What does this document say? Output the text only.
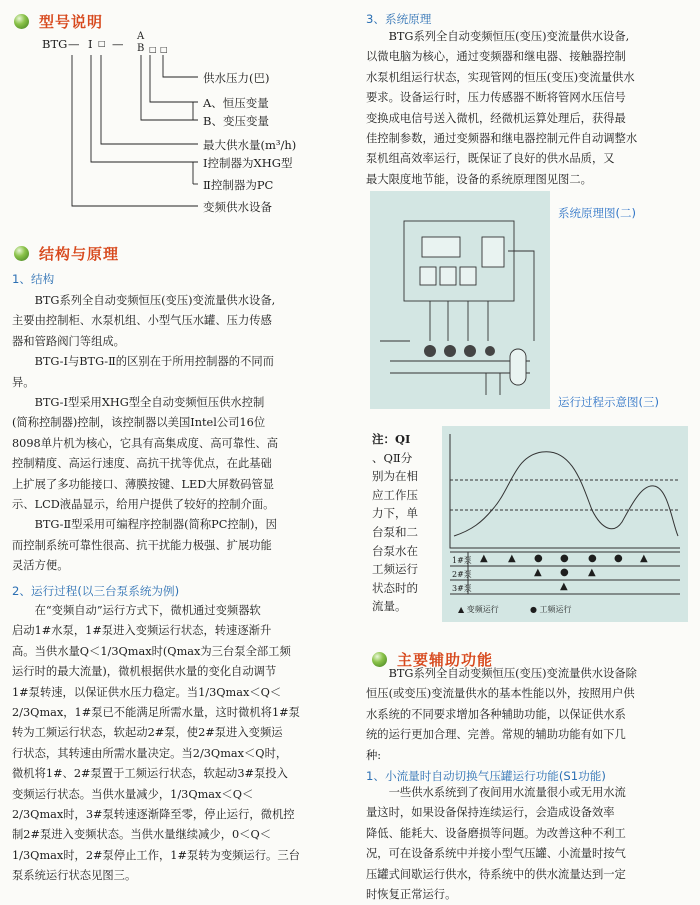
型号说明
BTG — Ⅰ □ —
A
B □ □
供水压力(巴)
A、恒压变量
B、变压变量
最大供水量(m³/h)
Ⅰ控制器为XHG型
Ⅱ控制器为PC
变频供水设备
结构与原理
1、结构
BTG系列全自动变频恒压(变压)变流量供水设备,
主要由控制柜、水泵机组、小型气压水罐、压力传感
器和管路阀门等组成。
BTG-Ⅰ与BTG-Ⅱ的区别在于所用控制器的不同而
异。
BTG-Ⅰ型采用XHG型全自动变频恒压供水控制
(简称控制器)控制，该控制器以美国Intel公司16位
8098单片机为核心，它具有高集成度、高可靠性、高
控制精度、高运行速度、高抗干扰等优点，在此基础
上扩展了多功能接口、薄膜按键、LED大屏数码管显
示、LCD液晶显示，给用户提供了较好的控制介面。
BTG-Ⅱ型采用可编程序控制器(简称PC控制)，因
而控制系统可靠性很高、抗干扰能力极强、扩展功能
灵活方便。
2、运行过程(以三台泵系统为例)
在“变频自动”运行方式下，微机通过变频器软
启动1#水泵，1#泵进入变频运行状态，转速逐渐升
高。当供水量Q＜1/3Qmax时(Qmax为三台泵全部工频
运行时的最大流量)，微机根据供水量的变化自动调节
1#泵转速，以保证供水压力稳定。当1/3Qmax＜Q＜
2/3Qmax，1#泵已不能满足所需水量，这时微机将1#泵
转为工频运行状态，软起动2#泵，使2#泵进入变频运
行状态，其转速由所需水量决定。当2/3Qmax＜Q时，
微机将1#、2#泵置于工频运行状态，软起动3#泵投入
变频运行状态。当供水量减少，1/3Qmax＜Q＜
2/3Qmax时，3#泵转速逐渐降至零，停止运行，微机控
制2#泵进入变频状态。当供水量继续减少，0＜Q＜
1/3Qmax时，2#泵停止工作，1#泵转为变频运行。三台
泵系统运行状态见图三。
3、系统原理
BTG系列全自动变频恒压(变压)变流量供水设备,
以微电脑为核心，通过变频器和继电器、接触器控制
水泵机组运行状态，实现管网的恒压(变压)变流量供水
要求。设备运行时，压力传感器不断将管网水压信号
变换成电信号送入微机，经微机运算处理后，获得最
佳控制参数，通过变频器和继电器控制元件自动调整水
泵机组高效率运行，既保证了良好的供水品质，又
最大限度地节能，设备的系统原理图见图二。
系统原理图(二)
运行过程示意图(三)
注：QⅠ
、QⅡ分
别为在相
应工作压
力下，单
台泵和二
台泵水在
工频运行
状态时的
流量。
1#泵
2#泵
3#泵
▲ ▲ ● ● ● ● ▲
▲ ● ▲
▲
▲ 变频运行	● 工频运行
主要辅助功能
BTG系列全自动变频恒压(变压)变流量供水设备除
恒压(或变压)变流量供水的基本性能以外，按照用户供
水系统的不同要求增加各种辅助功能，以保证供水系
统的运行更加合理、完善。常规的辅助功能有如下几
种:
1、小流量时自动切换气压罐运行功能(S1功能)
一些供水系统到了夜间用水流量很小或无用水流
量这时，如果设备保持连续运行，会造成设备效率
降低、能耗大、设备磨损等问题。为改善这种不利工
况，可在设备系统中并接小型气压罐、小流量时按气
压罐式间歇运行供水，待系统中的供水流量达到一定
时恢复正常运行。
